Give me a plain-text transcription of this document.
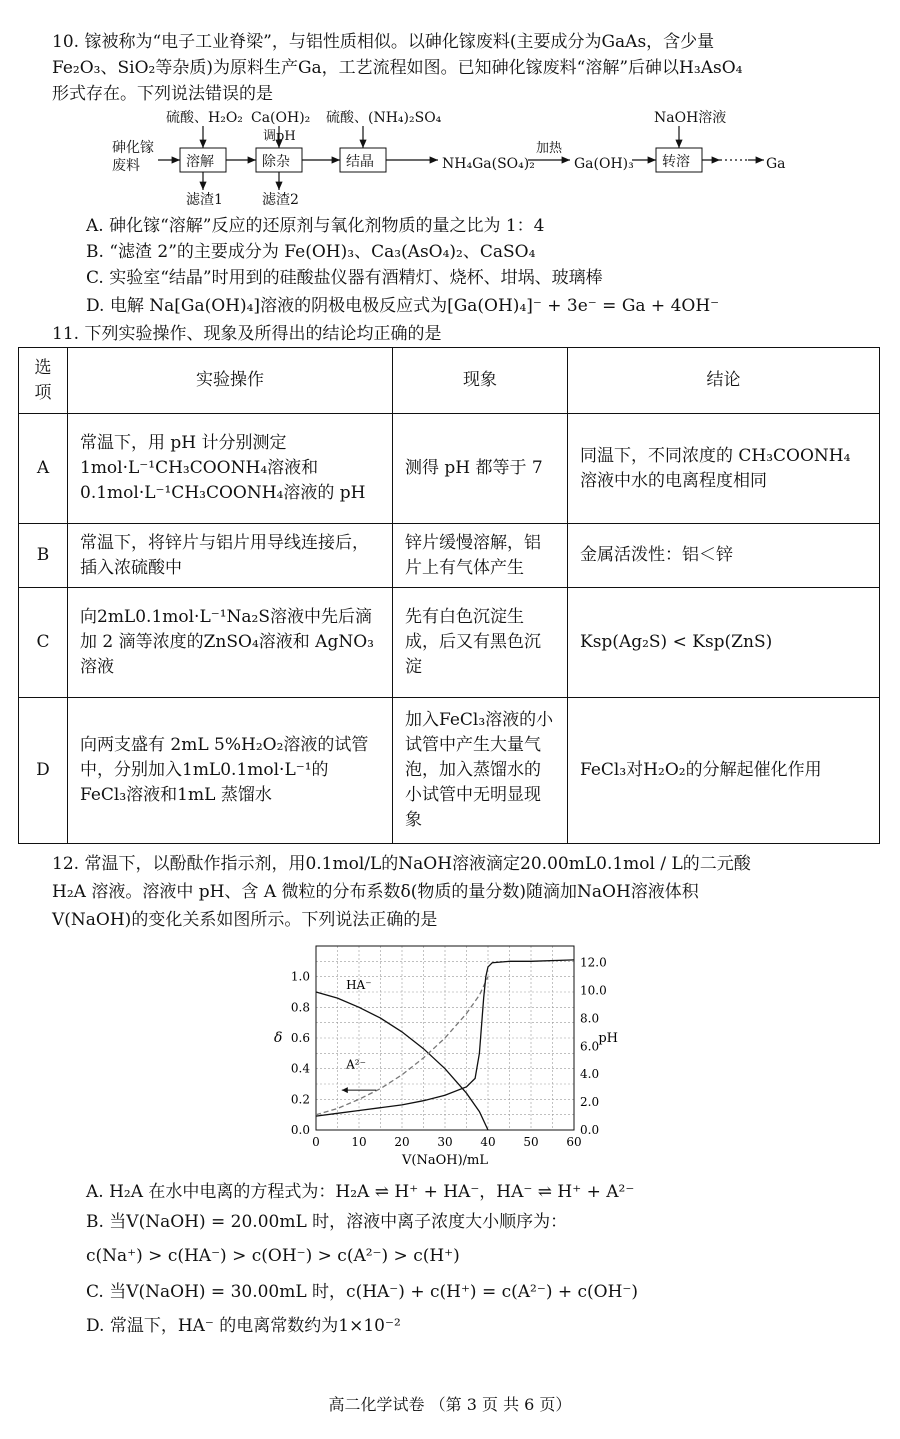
10. 镓被称为“电子工业脊梁”，与铝性质相似。以砷化镓废料(主要成分为GaAs，含少量
Fe₂O₃、SiO₂等杂质)为原料生产Ga，工艺流程如图。已知砷化镓废料“溶解”后砷以H₃AsO₄
形式存在。下列说法错误的是
砷化镓
废料
硫酸、H₂O₂ Ca(OH)₂
调pH
硫酸、(NH₄)₂SO₄	NaOH溶液
溶解	除杂	结晶	转溶
NH₄Ga(SO₄)₂
加热
Ga(OH)₃	Ga
滤渣1	滤渣2
A. 砷化镓“溶解”反应的还原剂与氧化剂物质的量之比为 1：4
B. “滤渣 2”的主要成分为 Fe(OH)₃、Ca₃(AsO₄)₂、CaSO₄
C. 实验室“结晶”时用到的硅酸盐仪器有酒精灯、烧杯、坩埚、玻璃棒
D. 电解 Na[Ga(OH)₄]溶液的阴极电极反应式为[Ga(OH)₄]⁻ + 3e⁻ = Ga + 4OH⁻
11. 下列实验操作、现象及所得出的结论均正确的是
选项	实验操作	现象	结论
A	常温下，用 pH 计分别测定 1mol·L⁻¹CH₃COONH₄溶液和 0.1mol·L⁻¹CH₃COONH₄溶液的 pH	测得 pH 都等于 7	同温下，不同浓度的 CH₃COONH₄溶液中水的电离程度相同
B	常温下，将锌片与铝片用导线连接后，插入浓硫酸中	锌片缓慢溶解，铝片上有气体产生	金属活泼性：铝＜锌
C	向2mL0.1mol·L⁻¹Na₂S溶液中先后滴加 2 滴等浓度的ZnSO₄溶液和 AgNO₃溶液	先有白色沉淀生成，后又有黑色沉淀	Ksp(Ag₂S) < Ksp(ZnS)
D	向两支盛有 2mL 5%H₂O₂溶液的试管中，分别加入1mL0.1mol·L⁻¹的 FeCl₃溶液和1mL 蒸馏水	加入FeCl₃溶液的小试管中产生大量气泡，加入蒸馏水的小试管中无明显现象	FeCl₃对H₂O₂的分解起催化作用
12. 常温下，以酚酞作指示剂，用0.1mol/L的NaOH溶液滴定20.00mL0.1mol / L的二元酸
H₂A 溶液。溶液中 pH、含 A 微粒的分布系数δ(物质的量分数)随滴加NaOH溶液体积
V(NaOH)的变化关系如图所示。下列说法正确的是
0	10 20 30 40 50 60
0.0
0.2
0.4
0.6
0.8
1.0
0.0
2.0
4.0
6.0
8.0
10.0
12.0
V(NaOH)/mL
δ	pH
HA⁻
A²⁻
A. H₂A 在水中电离的方程式为：H₂A ⇌ H⁺ + HA⁻，HA⁻ ⇌ H⁺ + A²⁻
B. 当V(NaOH) = 20.00mL 时，溶液中离子浓度大小顺序为：
c(Na⁺) > c(HA⁻) > c(OH⁻) > c(A²⁻) > c(H⁺)
C. 当V(NaOH) = 30.00mL 时，c(HA⁻) + c(H⁺) = c(A²⁻) + c(OH⁻)
D. 常温下，HA⁻ 的电离常数约为1×10⁻²
高二化学试卷 （第 3 页 共 6 页）
